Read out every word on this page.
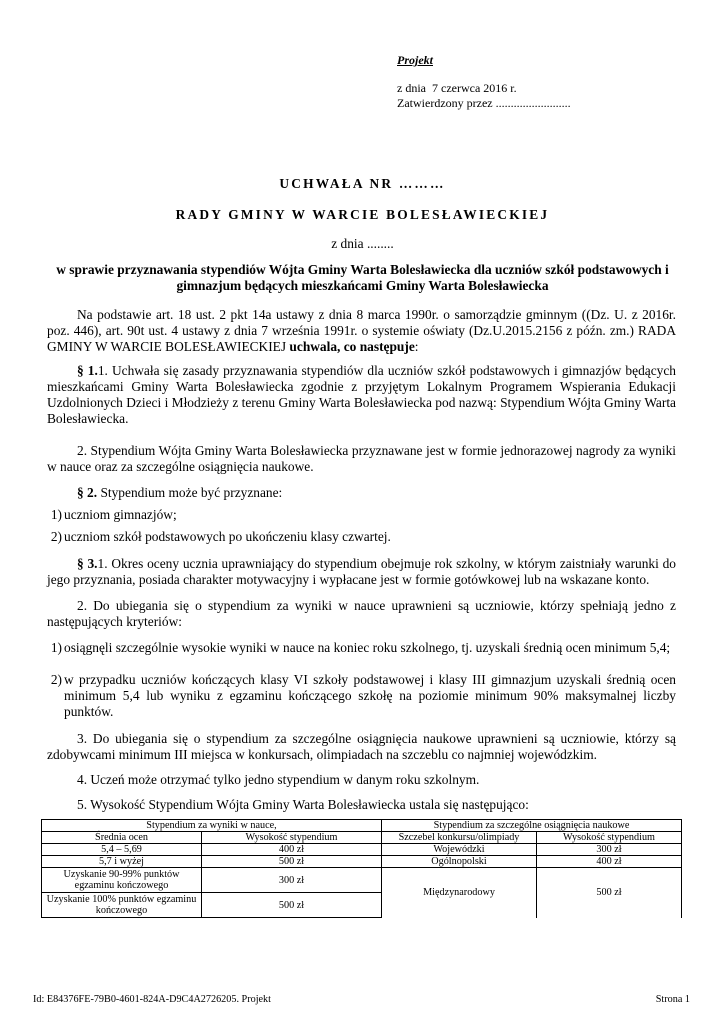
Projekt
z dnia  7 czerwca 2016 r.
Zatwierdzony przez .........................
UCHWAŁA NR ………
RADY GMINY W WARCIE BOLESŁAWIECKIEJ
z dnia ........
w sprawie przyznawania stypendiów Wójta Gminy Warta Bolesławiecka dla uczniów szkół podstawowych i gimnazjum będących mieszkańcami Gminy Warta Bolesławiecka
Na podstawie art. 18 ust. 2 pkt 14a ustawy z dnia 8 marca 1990r. o samorządzie gminnym ((Dz. U. z 2016r. poz. 446), art. 90t ust. 4 ustawy z dnia 7 września 1991r. o systemie oświaty (Dz.U.2015.2156 z późn. zm.) RADA GMINY W WARCIE BOLESŁAWIECKIEJ uchwala, co następuje:
§ 1.1. Uchwała się zasady przyznawania stypendiów dla uczniów szkół podstawowych i gimnazjów będących mieszkańcami Gminy Warta Bolesławiecka zgodnie z przyjętym Lokalnym Programem Wspierania Edukacji Uzdolnionych Dzieci i Młodzieży z terenu Gminy Warta Bolesławiecka pod nazwą: Stypendium Wójta Gminy Warta Bolesławiecka.
2. Stypendium Wójta Gminy Warta Bolesławiecka przyznawane jest w formie jednorazowej nagrody za wyniki w nauce oraz za szczególne osiągnięcia naukowe.
§ 2. Stypendium może być przyznane:
1) uczniom gimnazjów;
2) uczniom szkół podstawowych po ukończeniu klasy czwartej.
§ 3.1. Okres oceny ucznia uprawniający do stypendium obejmuje rok szkolny, w którym zaistniały warunki do jego przyznania, posiada charakter motywacyjny i wypłacane jest w formie gotówkowej lub na wskazane konto.
2. Do ubiegania się o stypendium za wyniki w nauce uprawnieni są uczniowie, którzy spełniają jedno z następujących kryteriów:
1) osiągnęli szczególnie wysokie wyniki w nauce na koniec roku szkolnego, tj. uzyskali średnią ocen minimum 5,4;
2) w przypadku uczniów kończących klasy VI szkoły podstawowej i klasy III gimnazjum uzyskali średnią ocen minimum 5,4 lub wyniku z egzaminu kończącego szkołę na poziomie minimum 90% maksymalnej liczby punktów.
3. Do ubiegania się o stypendium za szczególne osiągnięcia naukowe uprawnieni są uczniowie, którzy są zdobywcami minimum III miejsca w konkursach, olimpiadach na szczeblu co najmniej wojewódzkim.
4. Uczeń może otrzymać tylko jedno stypendium w danym roku szkolnym.
5. Wysokość Stypendium Wójta Gminy Warta Bolesławiecka ustala się następująco:
Stypendium za wyniki w nauce,		Stypendium za szczególne osiągnięcia naukowe	
Średnia ocen	Wysokość stypendium	Szczebel konkursu/olimpiady	Wysokość stypendium
5,4 – 5,69	400 zł	Wojewódzki	300 zł
5,7 i wyżej	500 zł	Ogólnopolski	400 zł
Uzyskanie 90-99% punktów egzaminu kończowego	300 zł	Międzynarodowy	500 zł
Uzyskanie 100% punktów egzaminu kończowego	500 zł		
Id: E84376FE-79B0-4601-824A-D9C4A2726205. Projekt	Strona 1
